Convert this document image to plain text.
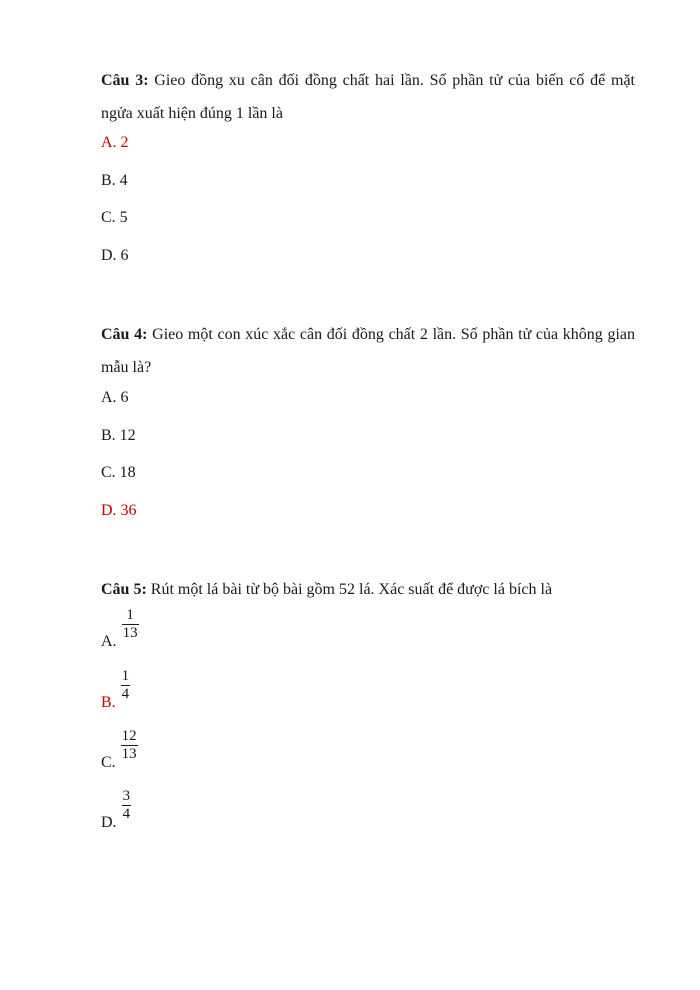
Câu 3: Gieo đồng xu cân đối đồng chất hai lần. Số phần tử của biến cố để mặt ngửa xuất hiện đúng 1 lần là
A. 2
B. 4
C. 5
D. 6
Câu 4: Gieo một con xúc xắc cân đối đồng chất 2 lần. Số phần tử của không gian mẫu là?
A. 6
B. 12
C. 18
D. 36
Câu 5: Rút một lá bài từ bộ bài gồm 52 lá. Xác suất để được lá bích là
A. $\frac{1}{13}$
B. $\frac{1}{4}$
C. $\frac{12}{13}$
D. $\frac{3}{4}$
